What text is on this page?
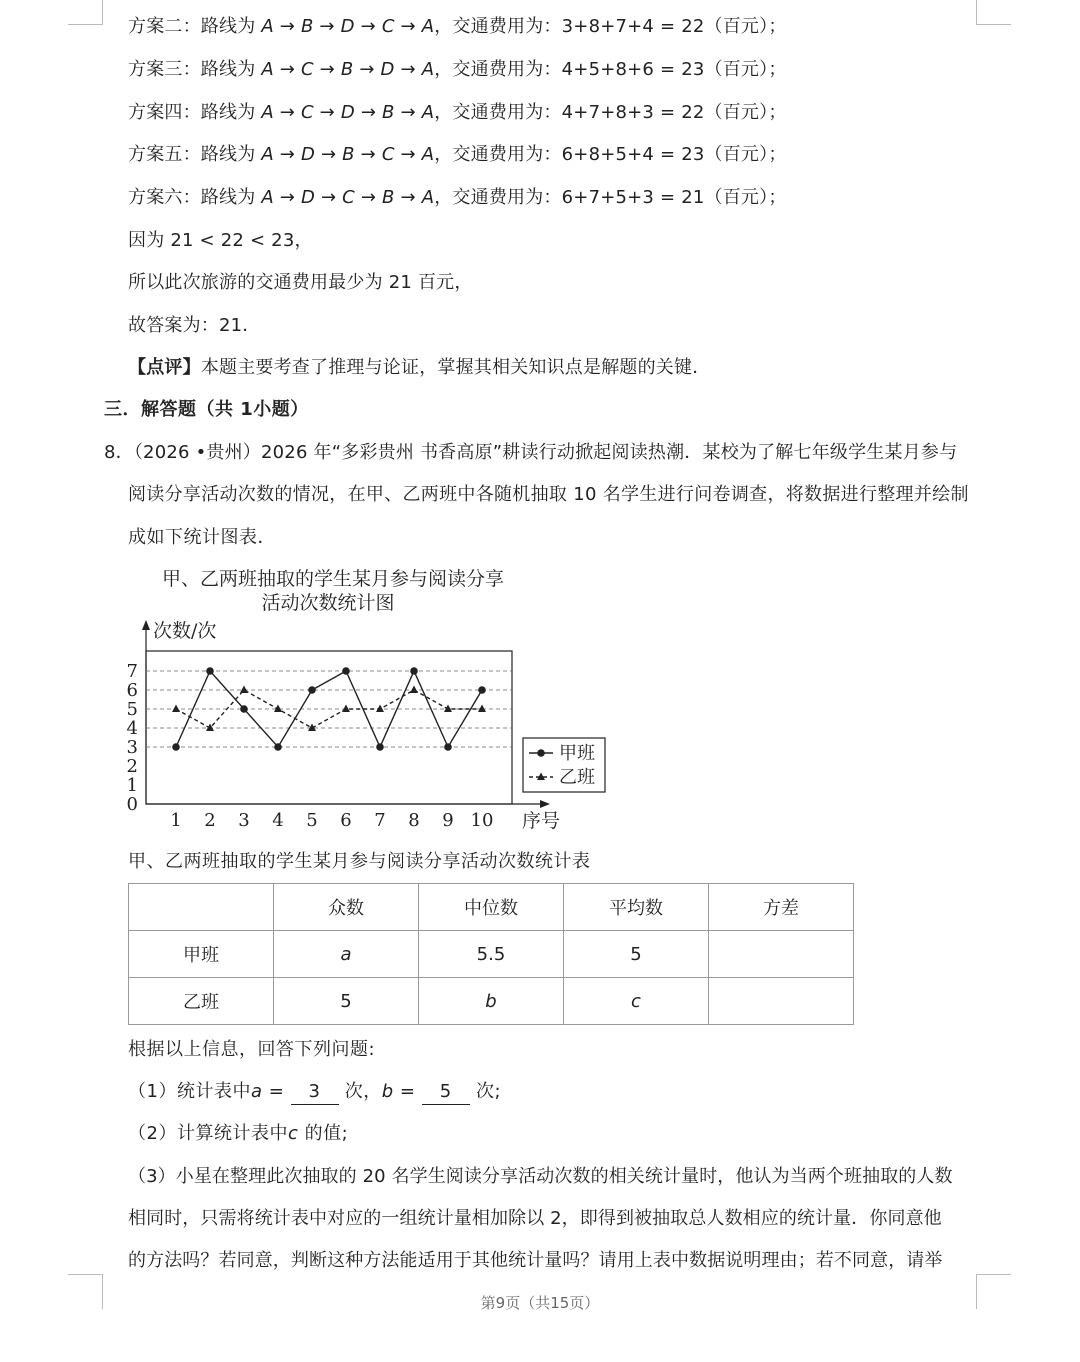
方案二：路线为 A → B → D → C → A，交通费用为：3+8+7+4 = 22（百元）；
方案三：路线为 A → C → B → D → A，交通费用为：4+5+8+6 = 23（百元）；
方案四：路线为 A → C → D → B → A，交通费用为：4+7+8+3 = 22（百元）；
方案五：路线为 A → D → B → C → A，交通费用为：6+8+5+4 = 23（百元）；
方案六：路线为 A → D → C → B → A，交通费用为：6+7+5+3 = 21（百元）；
因为 21 < 22 < 23，
所以此次旅游的交通费用最少为 21 百元，
故答案为：21．
【点评】本题主要考查了推理与论证，掌握其相关知识点是解题的关键．
三．解答题（共 1小题）
8．（2026 •贵州）2026 年“多彩贵州 书香高原”耕读行动掀起阅读热潮．某校为了解七年级学生某月参与
阅读分享活动次数的情况，在甲、乙两班中各随机抽取 10 名学生进行问卷调查，将数据进行整理并绘制
成如下统计图表．
甲、乙两班抽取的学生某月参与阅读分享
活动次数统计图
次数/次
序号
0
1
2
3
4
5
6
7
1 2 3 4 5 6 7 8 9 10
甲班
乙班
甲、乙两班抽取的学生某月参与阅读分享活动次数统计表
	众数	中位数	平均数	方差
甲班	a	5.5	5	
乙班	5	b	c	
根据以上信息，回答下列问题:
（1）统计表中a = 3 次，b = 5 次;
（2）计算统计表中c 的值;
（3）小星在整理此次抽取的 20 名学生阅读分享活动次数的相关统计量时，他认为当两个班抽取的人数
相同时，只需将统计表中对应的一组统计量相加除以 2，即得到被抽取总人数相应的统计量．你同意他
的方法吗？若同意，判断这种方法能适用于其他统计量吗？请用上表中数据说明理由；若不同意，请举
第9页（共15页）
